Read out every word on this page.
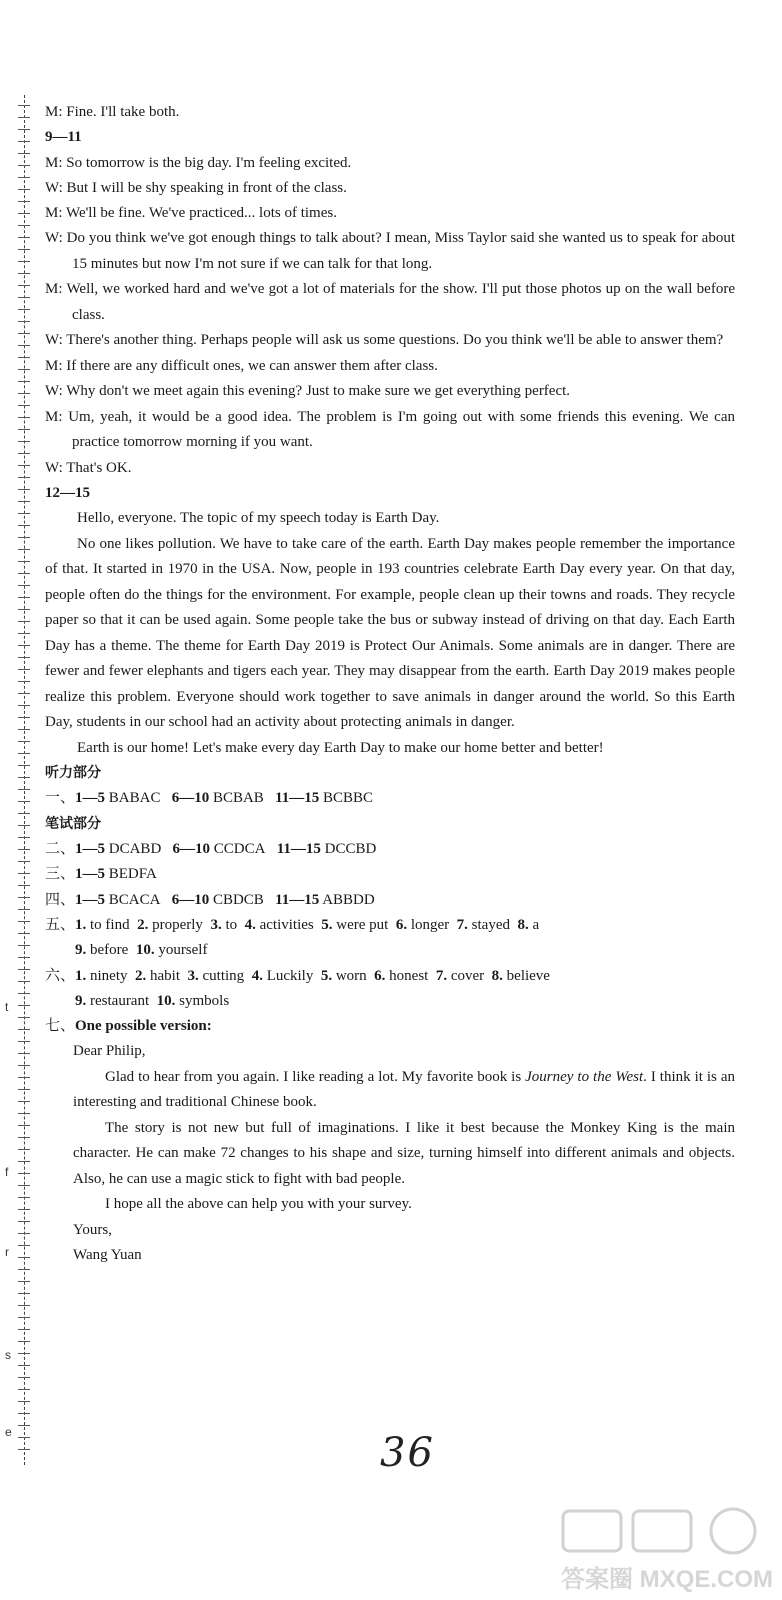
t
f
r
s
e
M: Fine. I'll take both.
9—11
M: So tomorrow is the big day. I'm feeling excited.
W: But I will be shy speaking in front of the class.
M: We'll be fine. We've practiced... lots of times.
W: Do you think we've got enough things to talk about? I mean, Miss Taylor said she wanted us to speak for about 15 minutes but now I'm not sure if we can talk for that long.
M: Well, we worked hard and we've got a lot of materials for the show. I'll put those photos up on the wall before class.
W: There's another thing. Perhaps people will ask us some questions. Do you think we'll be able to answer them?
M: If there are any difficult ones, we can answer them after class.
W: Why don't we meet again this evening? Just to make sure we get everything perfect.
M: Um, yeah, it would be a good idea. The problem is I'm going out with some friends this evening. We can practice tomorrow morning if you want.
W: That's OK.
12—15
Hello, everyone. The topic of my speech today is Earth Day.
No one likes pollution. We have to take care of the earth. Earth Day makes people remember the importance of that. It started in 1970 in the USA. Now, people in 193 countries celebrate Earth Day every year. On that day, people often do the things for the environment. For example, people clean up their towns and roads. They recycle paper so that it can be used again. Some people take the bus or subway instead of driving on that day. Each Earth Day has a theme. The theme for Earth Day 2019 is Protect Our Animals. Some animals are in danger. There are fewer and fewer elephants and tigers each year. They may disappear from the earth. Earth Day 2019 makes people realize this problem. Everyone should work together to save animals in danger around the world. So this Earth Day, students in our school had an activity about protecting animals in danger.
Earth is our home! Let's make every day Earth Day to make our home better and better!
听力部分
一、1—5 BABAC 6—10 BCBAB 11—15 BCBBC
笔试部分
二、1—5 DCABD 6—10 CCDCA 11—15 DCCBD
三、1—5 BEDFA
四、1—5 BCACA 6—10 CBDCB 11—15 ABBDD
五、1. to find 2. properly 3. to 4. activities 5. were put 6. longer 7. stayed 8. a
9. before 10. yourself
六、1. ninety 2. habit 3. cutting 4. Luckily 5. worn 6. honest 7. cover 8. believe
9. restaurant 10. symbols
七、One possible version:
Dear Philip,
Glad to hear from you again. I like reading a lot. My favorite book is Journey to the West. I think it is an interesting and traditional Chinese book.
The story is not new but full of imaginations. I like it best because the Monkey King is the main character. He can make 72 changes to his shape and size, turning himself into different animals and objects. Also, he can use a magic stick to fight with bad people.
I hope all the above can help you with your survey.
Yours,
Wang Yuan
36
答案圈 MXQE.COM
